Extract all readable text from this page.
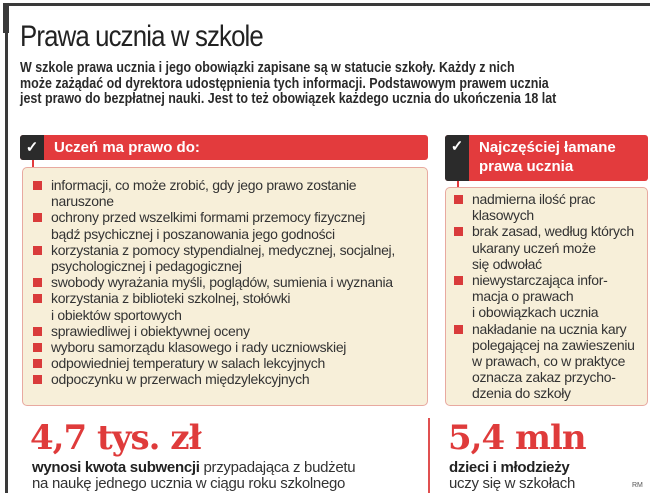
Prawa ucznia w szkole
W szkole prawa ucznia i jego obowiązki zapisane są w statucie szkoły. Każdy z nich
może zażądać od dyrektora udostępnienia tych informacji. Podstawowym prawem ucznia
jest prawo do bezpłatnej nauki. Jest to też obowiązek każdego ucznia do ukończenia 18 lat
✓	Uczeń ma prawo do:
informacji, co może zrobić, gdy jego prawo zostanie
naruszone
ochrony przed wszelkimi formami przemocy fizycznej
bądź psychicznej i poszanowania jego godności
korzystania z pomocy stypendialnej, medycznej, socjalnej,
psychologicznej i pedagogicznej
swobody wyrażania myśli, poglądów, sumienia i wyznania
korzystania z biblioteki szkolnej, stołówki
i obiektów sportowych
sprawiedliwej i obiektywnej oceny
wyboru samorządu klasowego i rady uczniowskiej
odpowiedniej temperatury w salach lekcyjnych
odpoczynku w przerwach międzylekcyjnych
✓	Najczęściej łamane
prawa ucznia
nadmierna ilość prac
klasowych
brak zasad, według których
ukarany uczeń może
się odwołać
niewystarczająca infor-
macja o prawach
i obowiązkach ucznia
nakładanie na ucznia kary
polegającej na zawieszeniu
w prawach, co w praktyce
oznacza zakaz przycho-
dzenia do szkoły
4,7 tys. zł
wynosi kwota subwencji przypadająca z budżetu
na naukę jednego ucznia w ciągu roku szkolnego
5,4 mln
dzieci i młodzieży
uczy się w szkołach	RM
